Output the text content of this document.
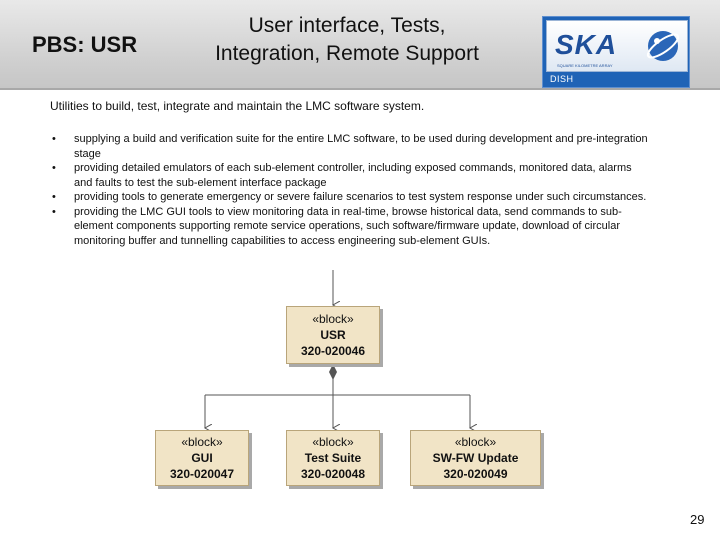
PBS: USR
User interface, Tests,
Integration, Remote Support	SKA
SQUARE KILOMETRE ARRAY
DISH
Utilities to build, test, integrate and maintain the LMC software system.
•	supplying a build and verification suite for the entire LMC software, to be used during development and pre-integration stage
•	providing detailed emulators of each sub-element controller, including exposed commands, monitored data, alarms and faults to test the sub-element interface package
•	providing tools to generate emergency or severe failure scenarios to test system response under such circumstances.
•	providing the LMC GUI tools to view monitoring data in real-time, browse historical data, send commands to sub-element components supporting remote service operations, such software/firmware update, download of circular monitoring buffer and tunnelling capabilities to access engineering sub-element GUIs.
«block»
USR
320-020046
«block»
GUI
320-020047
«block»
Test Suite
320-020048
«block»
SW-FW Update
320-020049
29
